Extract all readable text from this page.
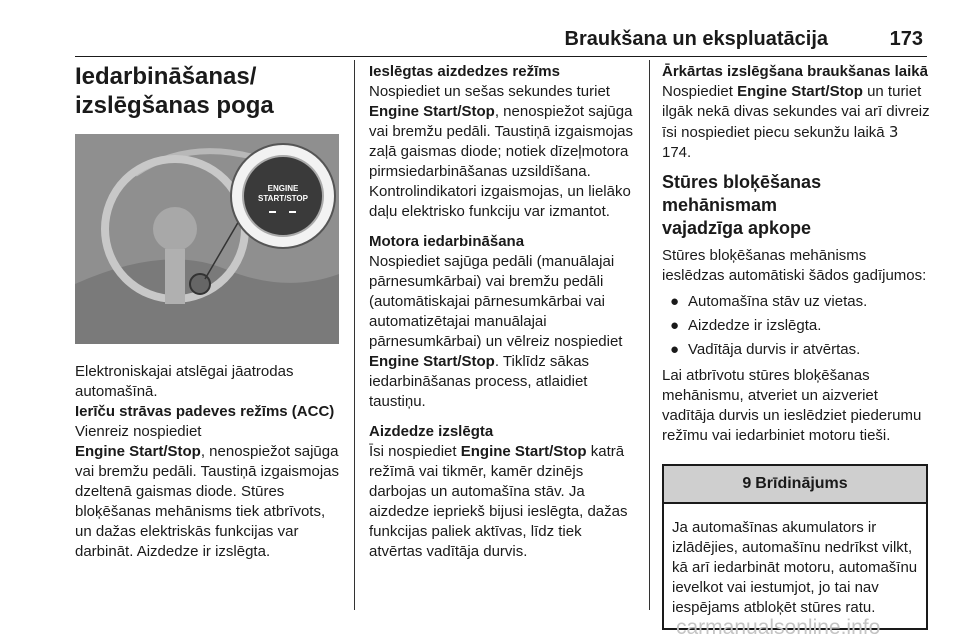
Braukšana un ekspluatācija	173
Iedarbināšanas/
izslēgšanas poga
ENGINE
START/STOP

Elektroniskajai atslēgai jāatrodas automašīnā.

Ierīču strāvas padeves režīms (ACC)

Vienreiz nospiediet
Engine Start/Stop, nenospiežot sajūga vai bremžu pedāli. Taustiņā izgaismojas dzeltenā gaismas diode. Stūres bloķēšanas mehānisms tiek atbrīvots, un dažas elektriskās funkcijas var darbināt. Aizdedze ir izslēgta.

Ieslēgtas aizdedzes režīms

Nospiediet un sešas sekundes turiet Engine Start/Stop, nenospiežot sajūga vai bremžu pedāli. Taustiņā izgaismojas zaļā gaismas diode; notiek dīzeļmotora pirmsiedarbināšanas uzsildīšana. Kontrolindikatori izgaismojas, un lielāko daļu elektrisko funkciju var izmantot.

Motora iedarbināšana

Nospiediet sajūga pedāli (manuālajai pārnesumkārbai) vai bremžu pedāli (automātiskajai pārnesumkārbai vai automatizētajai manuālajai pārnesumkārbai) un vēlreiz nospiediet Engine Start/Stop. Tiklīdz sākas iedarbināšanas process, atlaidiet taustiņu.

Aizdedze izslēgta

Īsi nospiediet Engine Start/Stop katrā režīmā vai tikmēr, kamēr dzinējs darbojas un automašīna stāv. Ja aizdedze iepriekš bijusi ieslēgta, dažas funkcijas paliek aktīvas, līdz tiek atvērtas vadītāja durvis.

Ārkārtas izslēgšana braukšanas laikā

Nospiediet Engine Start/Stop un turiet ilgāk nekā divas sekundes vai arī divreiz īsi nospiediet piecu sekunžu laikā 3 174.

Stūres bloķēšanas mehānismam
vajadzīga apkope

Stūres bloķēšanas mehānisms ieslēdzas automātiski šādos gadījumos:

● Automašīna stāv uz vietas.
● Aizdedze ir izslēgta.
● Vadītāja durvis ir atvērtas.

Lai atbrīvotu stūres bloķēšanas mehānismu, atveriet un aizveriet vadītāja durvis un ieslēdziet piederumu režīmu vai iedarbiniet motoru tieši.

9 Brīdinājums
Ja automašīnas akumulators ir izlādējies, automašīnu nedrīkst vilkt, kā arī iedarbināt motoru, automašīnu ievelkot vai iestumjot, jo tai nav iespējams atbloķēt stūres ratu.
carmanualsonline.info
